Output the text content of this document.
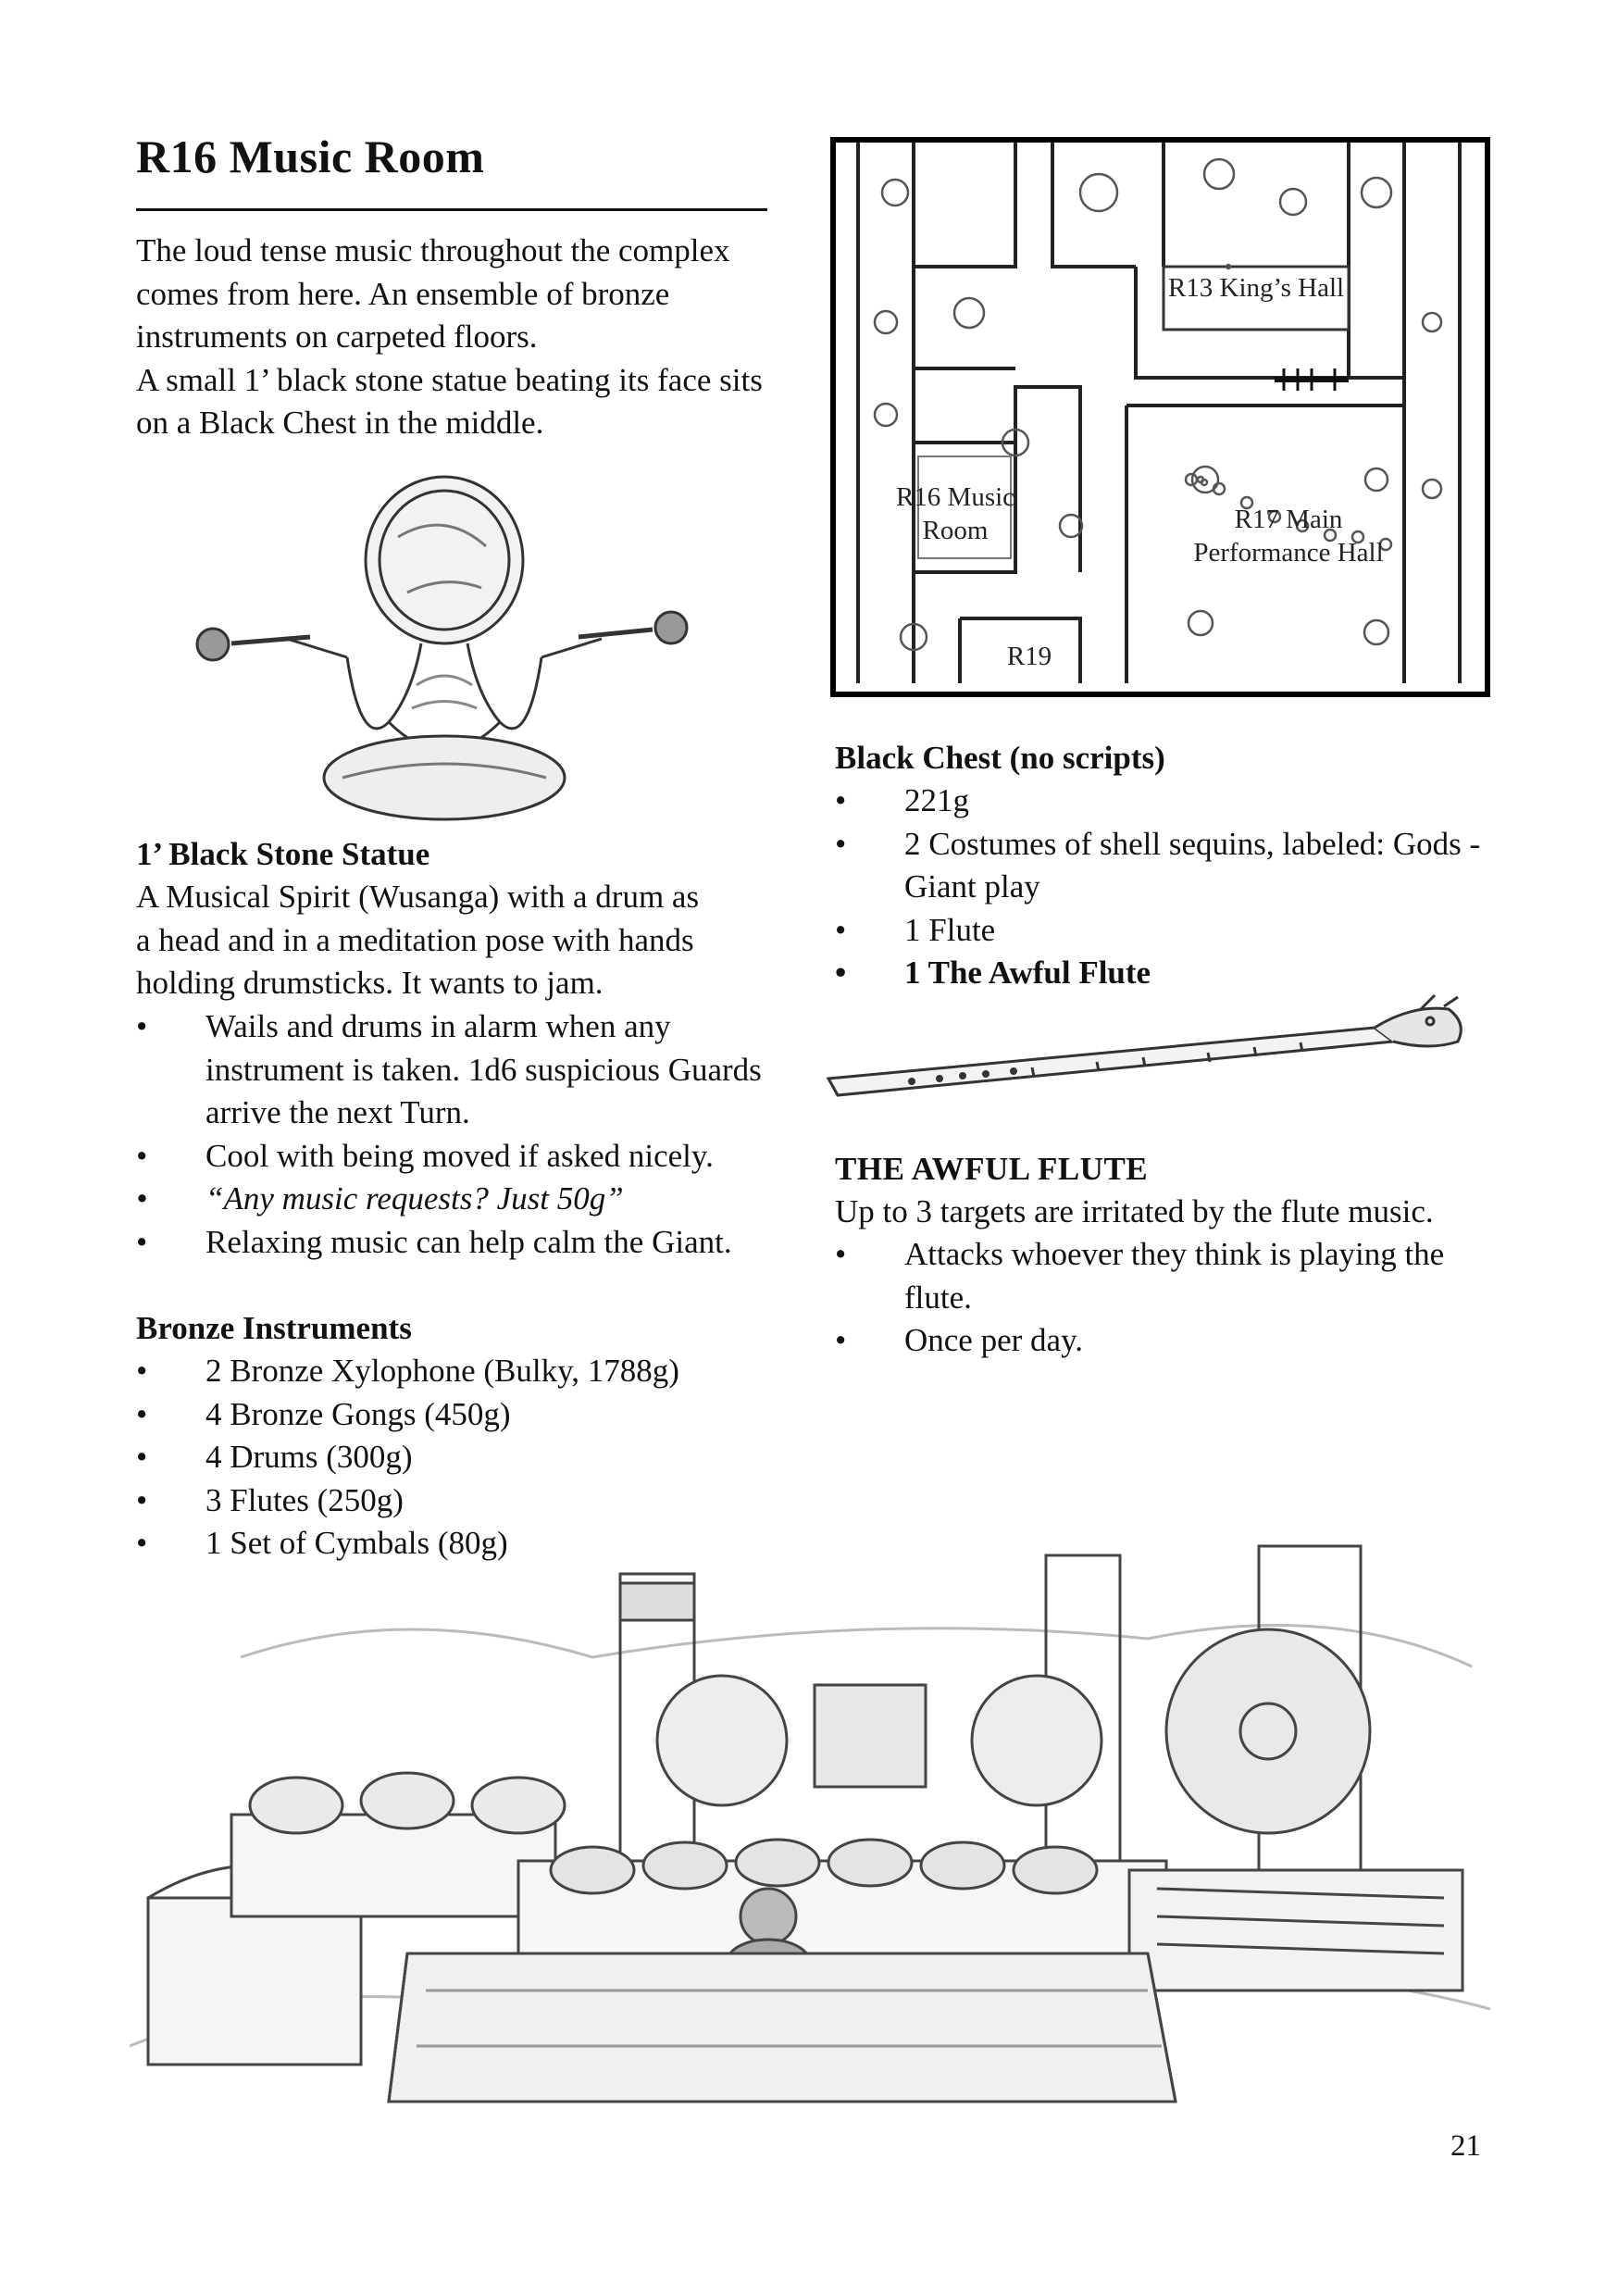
R16 Music Room
The loud tense music throughout the complex
comes from here. An ensemble of bronze
instruments on carpeted floors.
A small 1’ black stone statue beating its face sits
on a Black Chest in the middle.
1’ Black Stone Statue
A Musical Spirit (Wusanga) with a drum as
a head and in a meditation pose with hands
holding drumsticks. It wants to jam.
• Wails and drums in alarm when any instrument is taken. 1d6 suspicious Guards arrive the next Turn.
• Cool with being moved if asked nicely.
• “Any music requests? Just 50g”
• Relaxing music can help calm the Giant.
Bronze Instruments
• 2 Bronze Xylophone (Bulky, 1788g)
• 4 Bronze Gongs (450g)
• 4 Drums (300g)
• 3 Flutes (250g)
• 1 Set of Cymbals (80g)
R13 King’s Hall
R16 Music
Room	R17 Main
Performance Hall
R19
Black Chest (no scripts)
• 221g
• 2 Costumes of shell sequins, labeled: Gods - Giant play
• 1 Flute
• 1 The Awful Flute
THE AWFUL FLUTE
Up to 3 targets are irritated by the flute music.
• Attacks whoever they think is playing the flute.
• Once per day.
21
